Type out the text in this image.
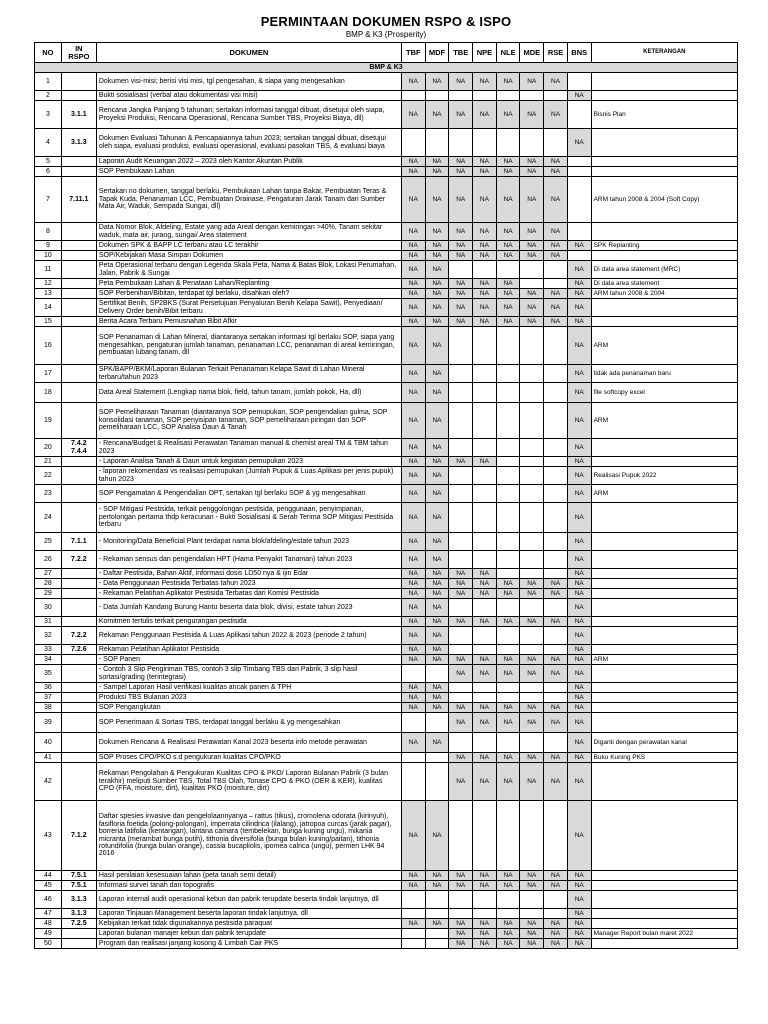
PERMINTAAN DOKUMEN RSPO & ISPO
BMP & K3 (Prosperity)
NO	IN RSPO	DOKUMEN	TBF	MDF	TBE	NPE	NLE	MDE	RSE	BNS	KETERANGAN
BMP & K3											
1		Dokumen visi-misi; berisi visi misi, tgl pengesahan, & siapa yang mengesahkan	NA	NA	NA	NA	NA	NA	NA		
2		Bukti sosialisasi (verbal atau dokumentasi visi misi)								NA	
3	3.1.1	Rencana Jangka Panjang 5 tahunan; sertakan informasi tanggal dibuat, disetujui oleh siapa, Proyeksi Produksi, Rencana Operasional, Rencana Sumber TBS, Proyeksi Biaya, dll)	NA	NA	NA	NA	NA	NA	NA		Bisnis Plan
4	3.1.3	Dokumen Evaluasi Tahunan & Pencapaiannya tahun 2023; sertakan tanggal dibuat, disetujui oleh siapa, evaluasi produksi, evaluasi operasional, evaluasi pasokan TBS, & evaluasi biaya								NA	
5		Laporan Audit Keuangan 2022 – 2023 oleh Kantor Akuntan Publik	NA	NA	NA	NA	NA	NA	NA		
6		SOP Pembukaan Lahan	NA	NA	NA	NA	NA	NA	NA		
7	7.11.1	Sertakan no dokumen, tanggal berlaku, Pembukaan Lahan tanpa Bakar, Pembuatan Teras & Tapak Kuda, Penanaman LCC, Pembuatan Drainase, Pengaturan Jarak Tanam dari Sumber Mata Air, Waduk, Sempada Sungai, dll)	NA	NA	NA	NA	NA	NA	NA		ARM tahun 2008 & 2004 (Soft Copy)
8		Data Nomor Blok, Afdeling, Estate yang ada Areal dengan kemiringan >40%, Tanam sekitar waduk, mata air, jurang, sungai/ Area statement	NA	NA	NA	NA	NA	NA	NA		
9		Dokumen SPK & BAPP LC terbaru atau LC terakhir	NA	NA	NA	NA	NA	NA	NA	NA	SPK Replanting
10		SOP/Kebijakan Masa Simpan Dokumen	NA	NA	NA	NA	NA	NA	NA		
11		Peta Operasional terbaru dengan Legenda Skala Peta, Nama & Batas Blok, Lokasi Perumahan, Jalan, Pabrik & Sungai	NA	NA						NA	Di data area statement (MRC)
12		Peta Pembukaan Lahan & Penataan Lahan/Replanting	NA	NA	NA	NA	NA			NA	Di data area statement
13		SOP Perbenihan/Bibitan, terdapat tgl berlaku, disahkan oleh?	NA	NA	NA	NA	NA	NA	NA	NA	ARM tahun 2008 & 2004
14		Sertifikat Benih, SP2BKS (Surat Persetujuan Penyaluran Benih Kelapa Sawit), Penyediaan/ Delivery Order benih/Bibit terbaru	NA	NA	NA	NA	NA	NA	NA	NA	
15		Berita Acara Terbaru Pemusnahan Bibit Afkir	NA	NA	NA	NA	NA	NA	NA	NA	
16		SOP Penanaman di Lahan Mineral, diantaranya sertakan informasi tgl berlaku SOP, siapa yang mengesahkan, pengaturan jumlah tanaman, penanaman LCC, penanaman di areal kemiringan, pembuatan lubang tanam, dll	NA	NA						NA	ARM
17		SPK/BAPP/BKM/Laporan Bulanan Terkait Penanaman Kelapa Sawit di Lahan Mineral terbaru/tahun 2023	NA	NA						NA	tidak ada penanaman baru
18		Data Areal Statement (Lengkap nama blok, field, tahun tanam, jumlah pokok, Ha, dll)	NA	NA						NA	file softcopy excel
19		SOP Pemeliharaan Tanaman (diantaranya SOP pemupukan, SOP pengendalian gulma, SOP konsolidasi tanaman, SOP penyisipan tanaman, SOP pemeliharaan piringan dan SOP pemeliharaan LCC, SOP Analisa Daun & Tanah	NA	NA						NA	ARM
20	7.4.2 7.4.4	- Rencana/Budget & Realisasi Perawatan Tanaman manual & chemist areal TM & TBM tahun 2023	NA	NA						NA	
21		- Laporan Analisa Tanah & Daun untuk kegiatan pemupukan 2023	NA	NA	NA	NA				NA	
22		- laporan rekomendasi vs realisasi pemupukan (Jumlah Pupuk & Luas Aplikasi per jenis pupuk) tahun 2023	NA	NA						NA	Realisasi Pupuk 2022
23		SOP Pengamatan & Pengendalian OPT, sertakan tgl berlaku SOP & yg mengesahkan	NA	NA						NA	ARM
24		- SOP Mitigasi Pestisida, terkait penggolongan pestisida, penggunaan, penyimpanan, pertolongan pertama thdp keracunan - Bukti Sosialisasi & Serah Terima SOP Mitigasi Pestisida terbaru	NA	NA						NA	
25	7.1.1	- Monitoring/Data Beneficial Plant terdapat nama blok/afdeling/estate tahun 2023	NA	NA						NA	
26	7.2.2	- Rekaman sensus dan pengendalian HPT (Hama Penyakit Tanaman) tahun 2023	NA	NA						NA	
27		- Daftar Pestisida, Bahan Aktif, informasi dosis LD50 nya & ijin Edar	NA	NA	NA	NA				NA	
28		- Data Penggunaan Pestisida Terbatas tahun 2023	NA	NA	NA	NA	NA	NA	NA	NA	
29		- Rekaman Pelatihan Aplikator Pestisida Terbatas dari Komisi Pestisida	NA	NA	NA	NA	NA	NA	NA	NA	
30		- Data Jumlah Kandang Burung Hantu beserta data blok, divisi, estate tahun 2023	NA	NA						NA	
31		Komitmen tertulis terkait pengurangan pestisida	NA	NA	NA	NA	NA	NA	NA	NA	
32	7.2.2	Rekaman Penggunaan Pestisida & Luas Aplikasi tahun 2022 & 2023 (periode 2 tahun)	NA	NA						NA	
33	7.2.6	Rekaman Pelatihan Aplikator Pestisida	NA	NA						NA	
34		- SOP Panen	NA	NA	NA	NA	NA	NA	NA	NA	ARM
35		- Contoh 3 Slip Pengiriman TBS, contoh 3 slip Timbang TBS dari Pabrik, 3 slip hasil sortasi/grading (terintegrasi)			NA	NA	NA	NA	NA	NA	
36		- Sampel Laporan Hasil verifikasi kualitas ancak panen & TPH	NA	NA						NA	
37		Produksi TBS Bulanan 2023	NA	NA						NA	
38		SOP Pengangkutan	NA	NA	NA	NA	NA	NA	NA	NA	
39		SOP Penerimaan & Sortasi TBS, terdapat tanggal berlaku & yg mengesahkan			NA	NA	NA	NA	NA	NA	
40		Dokumen Rencana & Realisasi Perawatan Kanal 2023 beserta info metode perawatan	NA	NA						NA	Diganti dengan perawatan kanal
41		SOP Proses CPO/PKO s.d pengukuran kualitas CPO/PKO			NA	NA	NA	NA	NA	NA	Buku Kuning PKS
42		Rekaman Pengolahan & Pengukuran Kualitas CPO & PKO/ Laporan Bulanan Pabrik (3 bulan terakhir) meliputi Sumber TBS, Total TBS Olah, Tonase CPO & PKO (OER & KER), kualitas CPO (FFA, moisture, dirt), kualitas PKO (moisture, dirt)			NA	NA	NA	NA	NA	NA	
43	7.1.2	Daftar spesies invasive dan pengelolaannyanya – rattus (tikus), cromolena odorata (kirinyuh), fasifloria foetida (polong-polongan), imperrata cilindrica (ilalang), jatropoa curcas (jarak pagar), borreria latifolia (kentangan), lantana camara (tembelekan, bunga kuning ungu), mikania micranta (merambat bunga putih), tithonia diversifolia (bunga bulan kuning/paitan), tithonia rotundifolia (bunga bulan orange), cassia bucapliolis, ipomea calrica (ungu), permen LHK 94 2016	NA	NA						NA	
44	7.5.1	Hasil penilaian kesesuaian lahan (peta tanah semi detail)	NA	NA	NA	NA	NA	NA	NA	NA	
45	7.5.1	Informasi survei tanah dan topografis	NA	NA	NA	NA	NA	NA	NA	NA	
46	3.1.3	Laporan internal audit operasional kebun dan pabrik terupdate beserta tindak lanjutnya, dll								NA	
47	3.1.3	Laporan Tinjauan Management beserta laporan tindak lanjutnya, dll								NA	
48	7.2.5	Kebijakan terkait tidak digunakannya pestisida paraquat	NA	NA	NA	NA	NA	NA	NA	NA	
49		Laporan bulanan manajer kebun dan pabrik terupdate			NA	NA	NA	NA	NA	NA	Manager Report bulan maret 2022
50		Program dan realisasi janjang kosong & Limbah Cair PKS			NA	NA	NA	NA	NA	NA	
